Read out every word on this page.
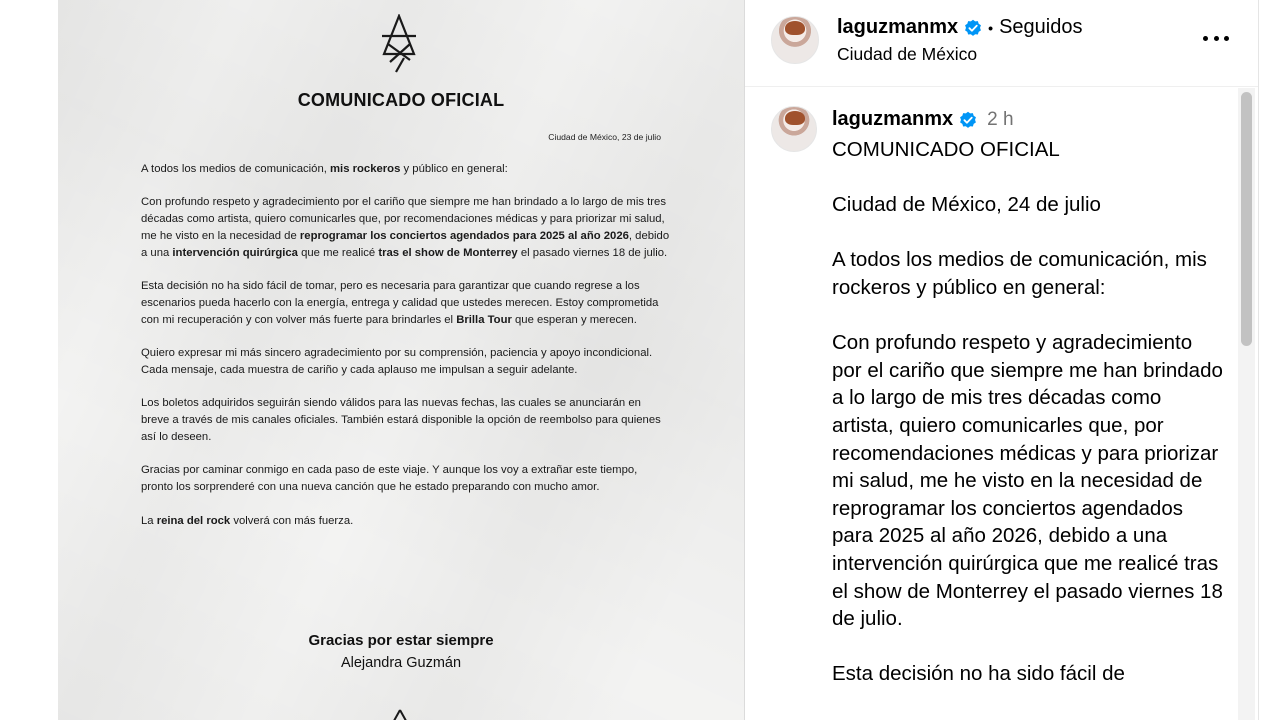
COMUNICADO OFICIAL
Ciudad de México, 23 de julio

A todos los medios de comunicación, mis rockeros y público en general:

Con profundo respeto y agradecimiento por el cariño que siempre me han brindado a lo largo de mis tres décadas como artista, quiero comunicarles que, por recomendaciones médicas y para priorizar mi salud, me he visto en la necesidad de reprogramar los conciertos agendados para 2025 al año 2026, debido a una intervención quirúrgica que me realicé tras el show de Monterrey el pasado viernes 18 de julio.

Esta decisión no ha sido fácil de tomar, pero es necesaria para garantizar que cuando regrese a los escenarios pueda hacerlo con la energía, entrega y calidad que ustedes merecen. Estoy comprometida con mi recuperación y con volver más fuerte para brindarles el Brilla Tour que esperan y merecen.

Quiero expresar mi más sincero agradecimiento por su comprensión, paciencia y apoyo incondicional. Cada mensaje, cada muestra de cariño y cada aplauso me impulsan a seguir adelante.

Los boletos adquiridos seguirán siendo válidos para las nuevas fechas, las cuales se anunciarán en breve a través de mis canales oficiales. También estará disponible la opción de reembolso para quienes así lo deseen.

Gracias por caminar conmigo en cada paso de este viaje. Y aunque los voy a extrañar este tiempo, pronto los sorprenderé con una nueva canción que he estado preparando con mucho amor.

La reina del rock volverá con más fuerza.

Gracias por estar siempre
Alejandra Guzmán
laguzmanmx • Seguidos
Ciudad de México
laguzmanmx 2 h
COMUNICADO OFICIAL

Ciudad de México, 24 de julio

A todos los medios de comunicación, mis rockeros y público en general:

Con profundo respeto y agradecimiento por el cariño que siempre me han brindado a lo largo de mis tres décadas como artista, quiero comunicarles que, por recomendaciones médicas y para priorizar mi salud, me he visto en la necesidad de reprogramar los conciertos agendados para 2025 al año 2026, debido a una intervención quirúrgica que me realicé tras el show de Monterrey el pasado viernes 18 de julio.

Esta decisión no ha sido fácil de
